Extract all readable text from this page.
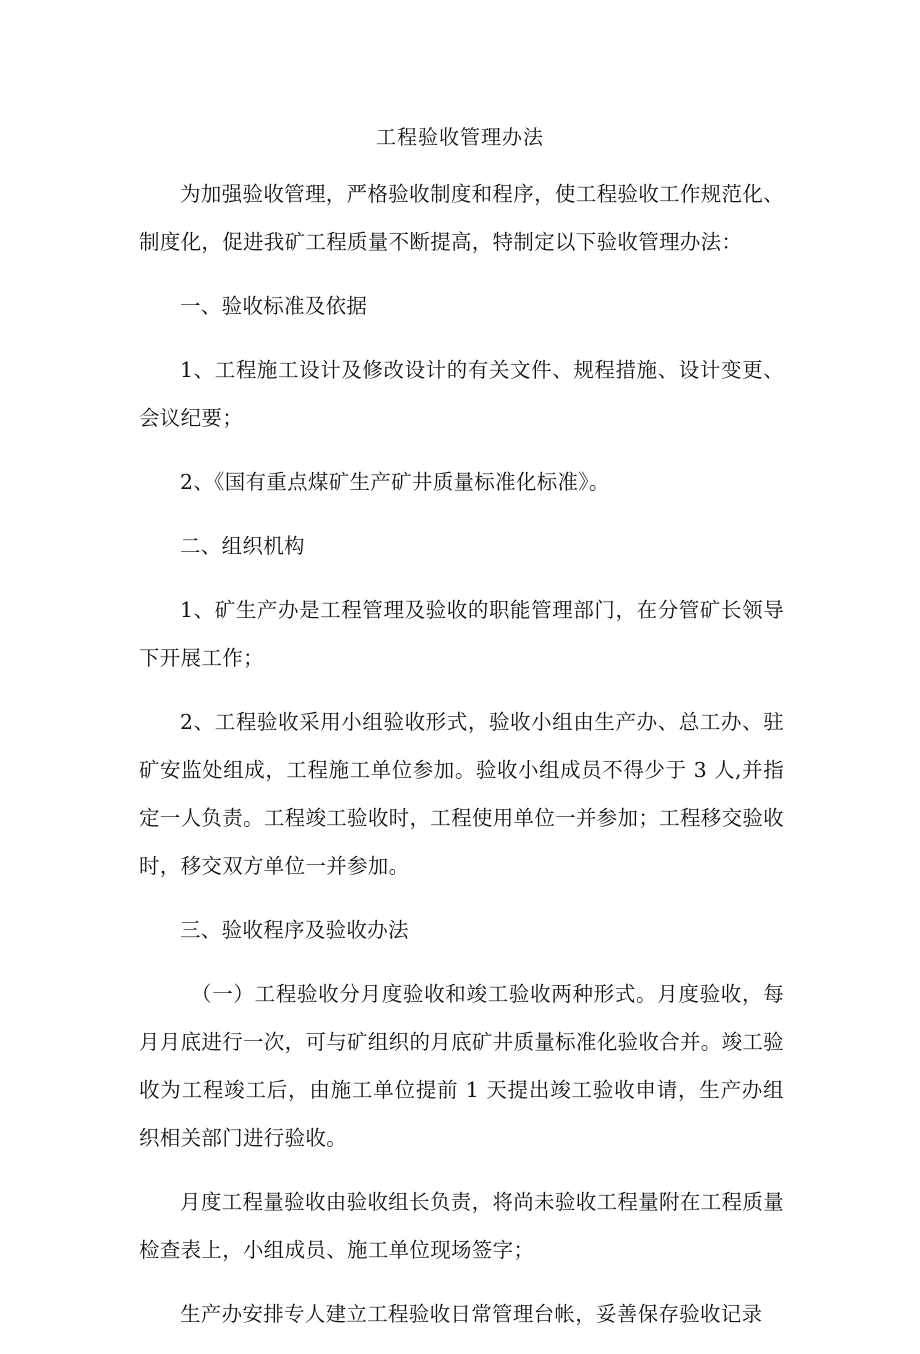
工程验收管理办法

为加强验收管理，严格验收制度和程序，使工程验收工作规范化、制度化，促进我矿工程质量不断提高，特制定以下验收管理办法：

一、验收标准及依据

1、工程施工设计及修改设计的有关文件、规程措施、设计变更、会议纪要；

2、《国有重点煤矿生产矿井质量标准化标准》。

二、组织机构

1、矿生产办是工程管理及验收的职能管理部门，在分管矿长领导下开展工作；

2、工程验收采用小组验收形式，验收小组由生产办、总工办、驻矿安监处组成，工程施工单位参加。验收小组成员不得少于 3 人,并指定一人负责。工程竣工验收时，工程使用单位一并参加；工程移交验收时，移交双方单位一并参加。

三、验收程序及验收办法

（一）工程验收分月度验收和竣工验收两种形式。月度验收，每月月底进行一次，可与矿组织的月底矿井质量标准化验收合并。竣工验收为工程竣工后，由施工单位提前 1 天提出竣工验收申请，生产办组织相关部门进行验收。

月度工程量验收由验收组长负责，将尚未验收工程量附在工程质量检查表上，小组成员、施工单位现场签字；

生产办安排专人建立工程验收日常管理台帐，妥善保存验收记录
